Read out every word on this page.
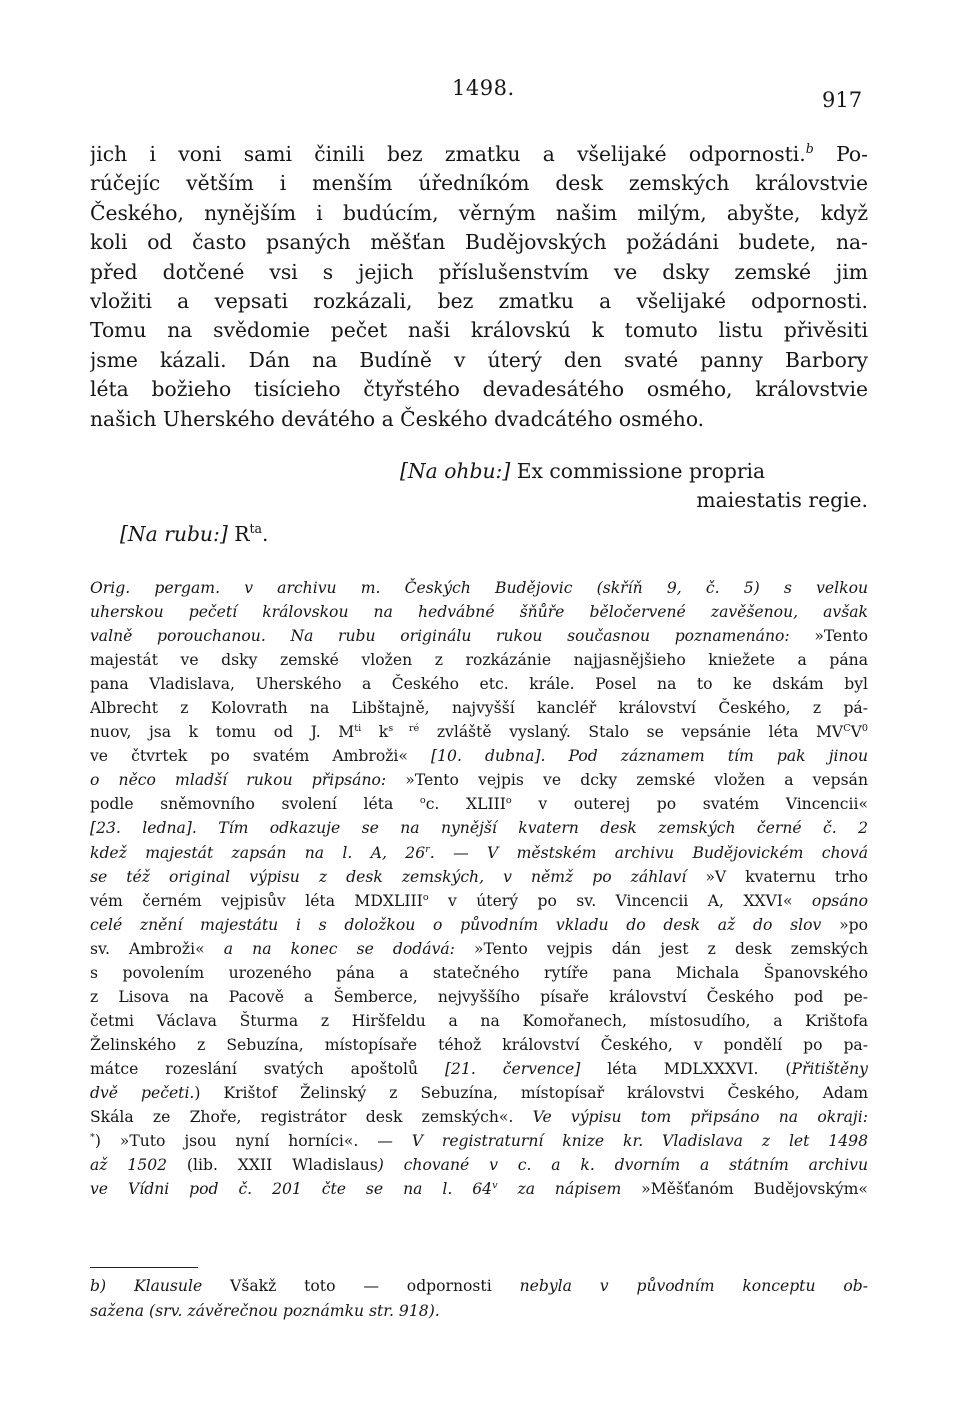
1498.	917
jich i voni sami činili bez zmatku a všelijaké odpornosti.$^b$ Po-
rúčejíc větším i menším úředníkóm desk zemských královstvie
Českého, nynějším i budúcím, věrným našim milým, abyšte, když
koli od často psaných měšťan Budějovských požádáni budete, na-
před dotčené vsi s jejich příslušenstvím ve dsky zemské jim
vložiti a vepsati rozkázali, bez zmatku a všelijaké odpornosti.
Tomu na svědomie pečet naši královskú k tomuto listu přivěsiti
jsme kázali. Dán na Budíně v úterý den svaté panny Barbory
léta božieho tisícieho čtyřstého devadesátého osmého, královstvie
našich Uherského devátého a Českého dvadcátého osmého.
[Na ohbu:] Ex commissione propria
maiestatis regie.
[Na rubu:] $R^{ta}$.
Orig. pergam. v archivu m. Českých Budějovic (skříň 9, č. 5) s velkou
uherskou pečetí královskou na hedvábné šňůře běločervené zavěšenou, avšak
valně porouchanou. Na rubu originálu rukou současnou poznamenáno: »Tento
majestát ve dsky zemské vložen z rozkázánie najjasnějšieho kniežete a pána
pana Vladislava, Uherského a Českého etc. krále. Posel na to ke dskám byl
Albrecht z Kolovrath na Libštajně, najvyšší kancléř království Českého, z pá-
nuov, jsa k tomu od J. $M^{ti}$ $k^{s ré}$ zvláště vyslaný. Stalo se vepsánie léta $MV^CV^0$
ve čtvrtek po svatém Ambroži« [10. dubna]. Pod záznamem tím pak jinou
o něco mladší rukou připsáno: »Tento vejpis ve dcky zemské vložen a vepsán
podle sněmovního svolení léta $^o$c. XLIII$^o$ v outerej po svatém Vincencii«
[23. ledna]. Tím odkazuje se na nynější kvatern desk zemských černé č. 2
kdež majestát zapsán na l. A, 26$^r$. — V městském archivu Budějovickém chová
se též original výpisu z desk zemských, v němž po záhlaví »V kvaternu trho
vém černém vejpisův léta MDXLIII$^o$ v úterý po sv. Vincencii A, XXVI« opsáno
celé znění majestátu i s doložkou o původním vkladu do desk až do slov »po
sv. Ambroži« a na konec se dodává: »Tento vejpis dán jest z desk zemských
s povolením urozeného pána a statečného rytíře pana Michala Španovského
z Lisova na Pacově a Šemberce, nejvyššího písaře království Českého pod pe-
četmi Václava Šturma z Hiršfeldu a na Komořanech, místosudího, a Krištofa
Želinského z Sebuzína, místopísaře téhož království Českého, v pondělí po pa-
mátce rozeslání svatých apoštolů [21. července] léta MDLXXXVI. (Přitištěny
dvě pečeti.) Krištof Želinský z Sebuzína, místopísař královstvi Českého, Adam
Skála ze Zhoře, registrátor desk zemských«. Ve výpisu tom připsáno na okraji:
*) »Tuto jsou nyní horníci«. — V registraturní knize kr. Vladislava z let 1498
až 1502 (lib. XXII Wladislaus) chované v c. a k. dvorním a státním archivu
ve Vídni pod č. 201 čte se na l. 64$^v$ za nápisem »Měšťanóm Budějovským«
b) Klausule Všakž toto — odpornosti nebyla v původním konceptu ob-
sažena (srv. závěrečnou poznámku str. 918).
